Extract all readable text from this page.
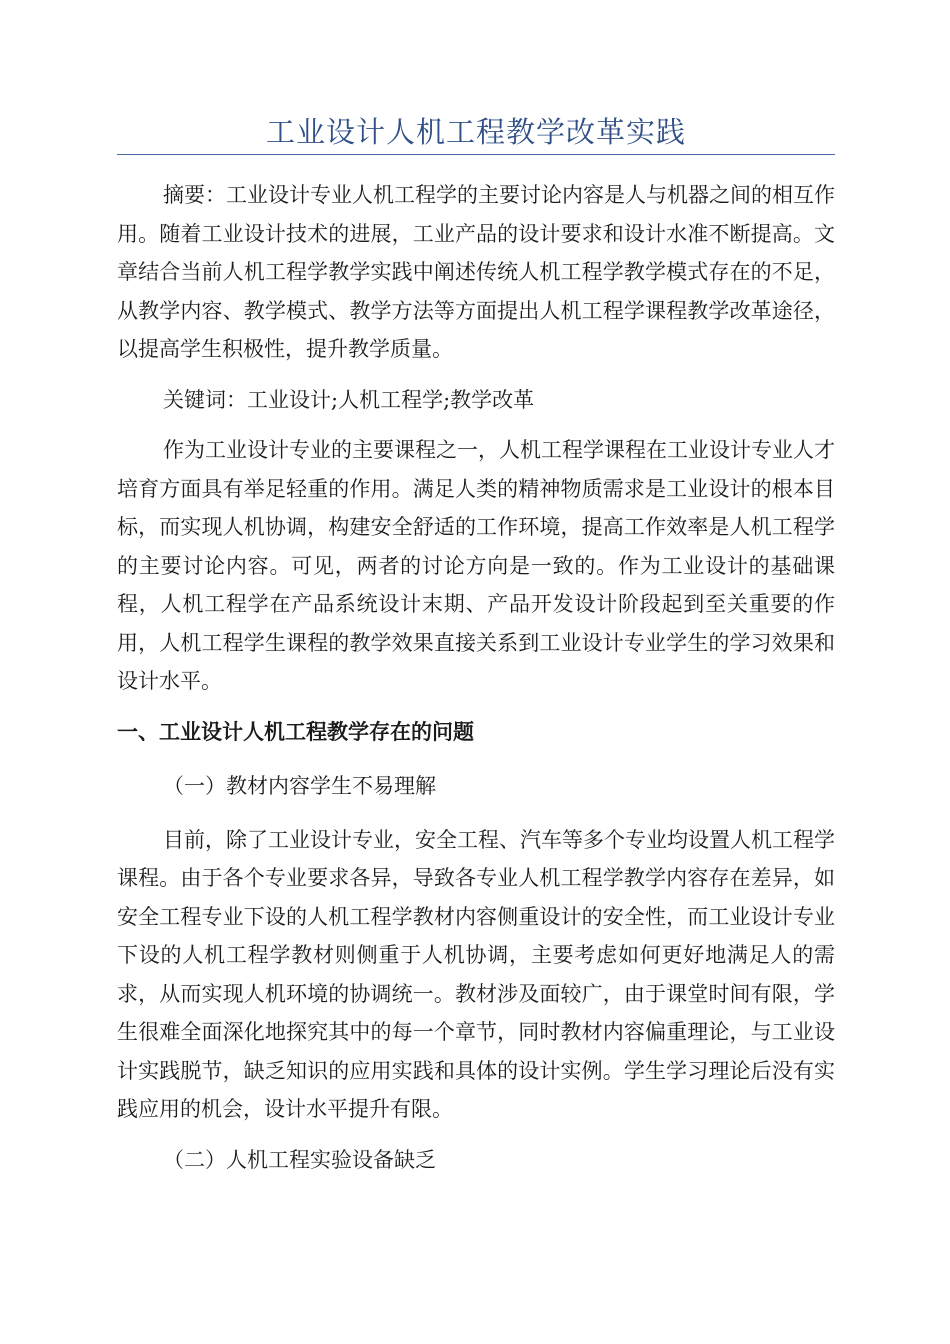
工业设计人机工程教学改革实践

摘要：工业设计专业人机工程学的主要讨论内容是人与机器之间的相互作用。随着工业设计技术的进展，工业产品的设计要求和设计水准不断提高。文章结合当前人机工程学教学实践中阐述传统人机工程学教学模式存在的不足，从教学内容、教学模式、教学方法等方面提出人机工程学课程教学改革途径，以提高学生积极性，提升教学质量。

关键词：工业设计;人机工程学;教学改革

作为工业设计专业的主要课程之一，人机工程学课程在工业设计专业人才培育方面具有举足轻重的作用。满足人类的精神物质需求是工业设计的根本目标，而实现人机协调，构建安全舒适的工作环境，提高工作效率是人机工程学的主要讨论内容。可见，两者的讨论方向是一致的。作为工业设计的基础课程，人机工程学在产品系统设计末期、产品开发设计阶段起到至关重要的作用，人机工程学生课程的教学效果直接关系到工业设计专业学生的学习效果和设计水平。

一、工业设计人机工程教学存在的问题
（一）教材内容学生不易理解

目前，除了工业设计专业，安全工程、汽车等多个专业均设置人机工程学课程。由于各个专业要求各异，导致各专业人机工程学教学内容存在差异，如安全工程专业下设的人机工程学教材内容侧重设计的安全性，而工业设计专业下设的人机工程学教材则侧重于人机协调，主要考虑如何更好地满足人的需求，从而实现人机环境的协调统一。教材涉及面较广，由于课堂时间有限，学生很难全面深化地探究其中的每一个章节，同时教材内容偏重理论，与工业设计实践脱节，缺乏知识的应用实践和具体的设计实例。学生学习理论后没有实践应用的机会，设计水平提升有限。

（二）人机工程实验设备缺乏
